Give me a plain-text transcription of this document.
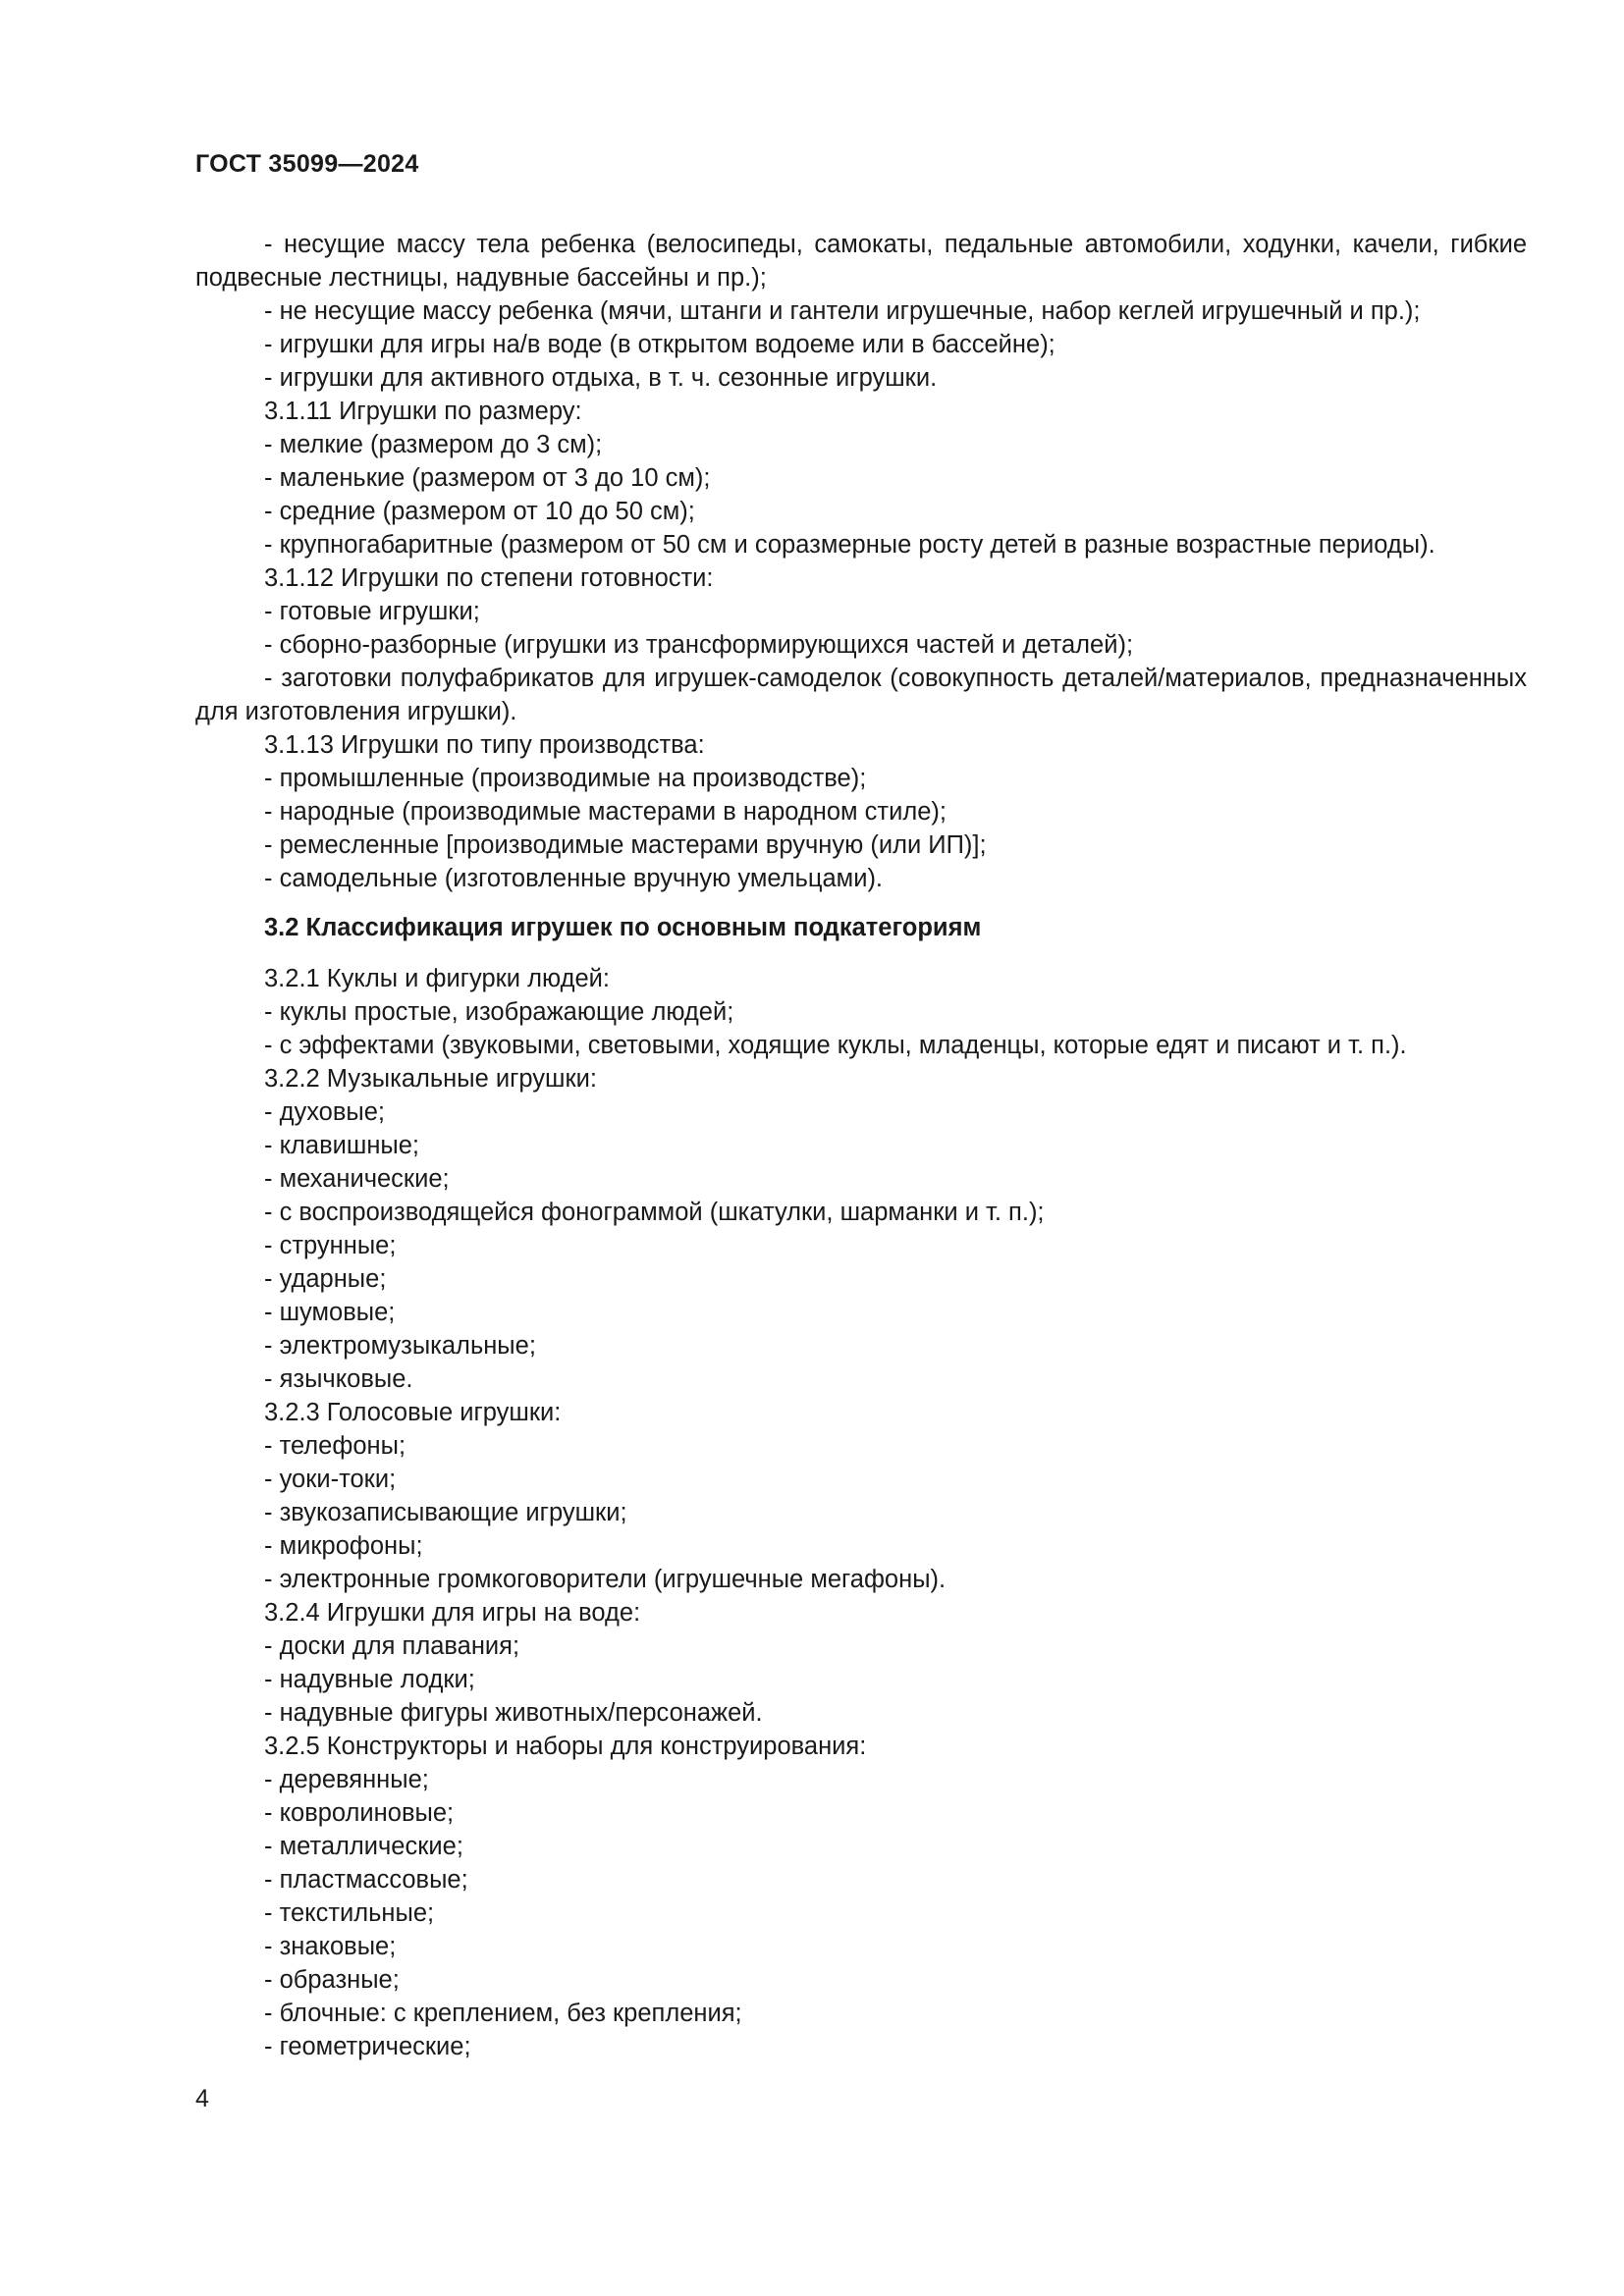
ГОСТ 35099—2024
- несущие массу тела ребенка (велосипеды, самокаты, педальные автомобили, ходунки, качели, гибкие подвесные лестницы, надувные бассейны и пр.);
- не несущие массу ребенка (мячи, штанги и гантели игрушечные, набор кеглей игрушечный и пр.);
- игрушки для игры на/в воде (в открытом водоеме или в бассейне);
- игрушки для активного отдыха, в т. ч. сезонные игрушки.
3.1.11 Игрушки по размеру:
- мелкие (размером до 3 см);
- маленькие (размером от 3 до 10 см);
- средние (размером от 10 до 50 см);
- крупногабаритные (размером от 50 см и соразмерные росту детей в разные возрастные периоды).
3.1.12 Игрушки по степени готовности:
- готовые игрушки;
- сборно-разборные (игрушки из трансформирующихся частей и деталей);
- заготовки полуфабрикатов для игрушек-самоделок (совокупность деталей/материалов, предназначенных для изготовления игрушки).
3.1.13 Игрушки по типу производства:
- промышленные (производимые на производстве);
- народные (производимые мастерами в народном стиле);
- ремесленные [производимые мастерами вручную (или ИП)];
- самодельные (изготовленные вручную умельцами).
3.2 Классификация игрушек по основным подкатегориям
3.2.1 Куклы и фигурки людей:
- куклы простые, изображающие людей;
- с эффектами (звуковыми, световыми, ходящие куклы, младенцы, которые едят и писают и т. п.).
3.2.2 Музыкальные игрушки:
- духовые;
- клавишные;
- механические;
- с воспроизводящейся фонограммой (шкатулки, шарманки и т. п.);
- струнные;
- ударные;
- шумовые;
- электромузыкальные;
- язычковые.
3.2.3 Голосовые игрушки:
- телефоны;
- уоки-токи;
- звукозаписывающие игрушки;
- микрофоны;
- электронные громкоговорители (игрушечные мегафоны).
3.2.4 Игрушки для игры на воде:
- доски для плавания;
- надувные лодки;
- надувные фигуры животных/персонажей.
3.2.5 Конструкторы и наборы для конструирования:
- деревянные;
- ковролиновые;
- металлические;
- пластмассовые;
- текстильные;
- знаковые;
- образные;
- блочные: с креплением, без крепления;
- геометрические;
4
